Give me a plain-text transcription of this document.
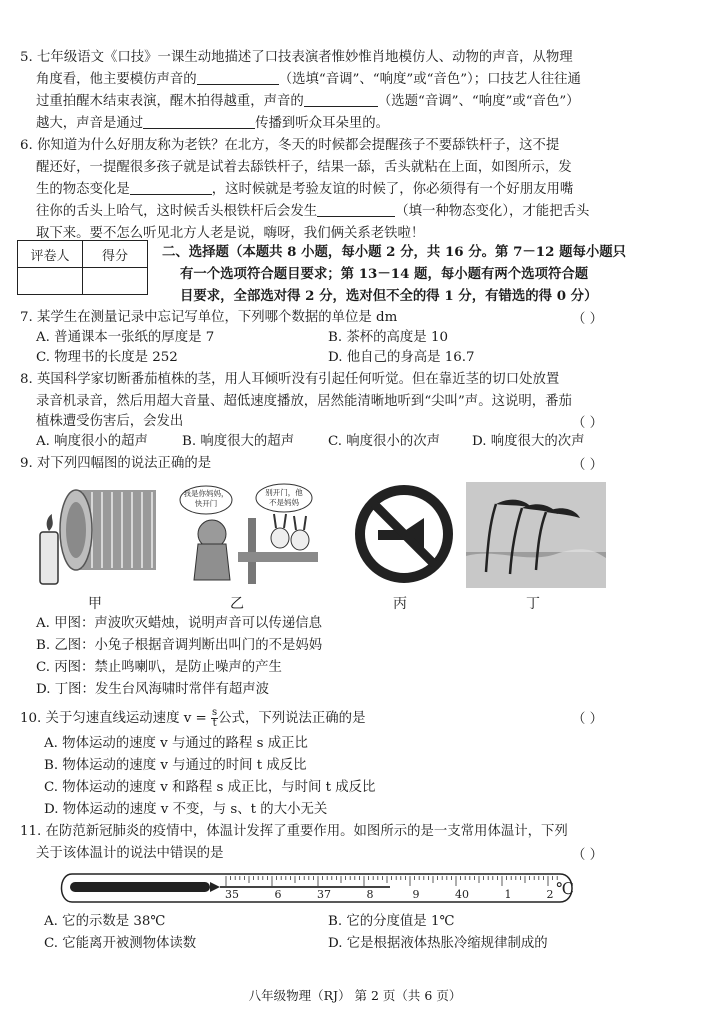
5. 七年级语文《口技》一课生动地描述了口技表演者惟妙惟肖地模仿人、动物的声音，从物理
角度看，他主要模仿声音的	（选填“音调”、“响度”或“音色”）；口技艺人往往通
过重拍醒木结束表演，醒木拍得越重，声音的	（选题“音调”、“响度”或“音色”）
越大，声音是通过	传播到听众耳朵里的。
6. 你知道为什么好朋友称为老铁？在北方，冬天的时候都会提醒孩子不要舔铁杆子，这不提
醒还好，一提醒很多孩子就是试着去舔铁杆子，结果一舔，舌头就粘在上面，如图所示，发
生的物态变化是	，这时候就是考验友谊的时候了，你必须得有一个好朋友用嘴
往你的舌头上哈气，这时候舌头根铁杆后会发生	（填一种物态变化），才能把舌头
取下来。要不怎么听见北方人老是说，嗨呀，我们俩关系老铁啦！
评卷人	得分
		二、选择题（本题共 8 小题，每小题 2 分，共 16 分。第 7－12 题每小题只
有一个选项符合题目要求；第 13－14 题，每小题有两个选项符合题
目要求，全部选对得 2 分，选对但不全的得 1 分，有错选的得 0 分）
7. 某学生在测量记录中忘记写单位，下列哪个数据的单位是 dm	（ ）
A. 普通课本一张纸的厚度是 7	B. 茶杯的高度是 10
C. 物理书的长度是 252	D. 他自己的身高是 16.7
8. 英国科学家切断番茄植株的茎，用人耳倾听没有引起任何听觉。但在靠近茎的切口处放置
录音机录音，然后用超大音量、超低速度播放，居然能清晰地听到“尖叫”声。这说明，番茄
植株遭受伤害后，会发出	（ ）
A. 响度很小的超声	B. 响度很大的超声	C. 响度很小的次声 D. 响度很大的次声
9. 对下列四幅图的说法正确的是	（ ）
甲
我是你妈妈，
快开门
别开门，他
不是妈妈
乙	丙	丁
A. 甲图：声波吹灭蜡烛，说明声音可以传递信息
B. 乙图：小兔子根据音调判断出叫门的不是妈妈
C. 丙图：禁止鸣喇叭，是防止噪声的产生
D. 丁图：发生台风海啸时常伴有超声波
10. 关于匀速直线运动速度 $v = \frac{s}{t}$ 公式，下列说法正确的是	（ ）
A. 物体运动的速度 v 与通过的路程 s 成正比
B. 物体运动的速度 v 与通过的时间 t 成反比
C. 物体运动的速度 v 和路程 s 成正比，与时间 t 成反比
D. 物体运动的速度 v 不变，与 s、t 的大小无关
11. 在防范新冠肺炎的疫情中，体温计发挥了重要作用。如图所示的是一支常用体温计，下列
关于该体温计的说法中错误的是	（ ）
35	6	37	8	9	40	1	2 ℃
A. 它的示数是 38℃	B. 它的分度值是 1℃
C. 它能离开被测物体读数	D. 它是根据液体热胀冷缩规律制成的
八年级物理（RJ） 第 2 页（共 6 页）
